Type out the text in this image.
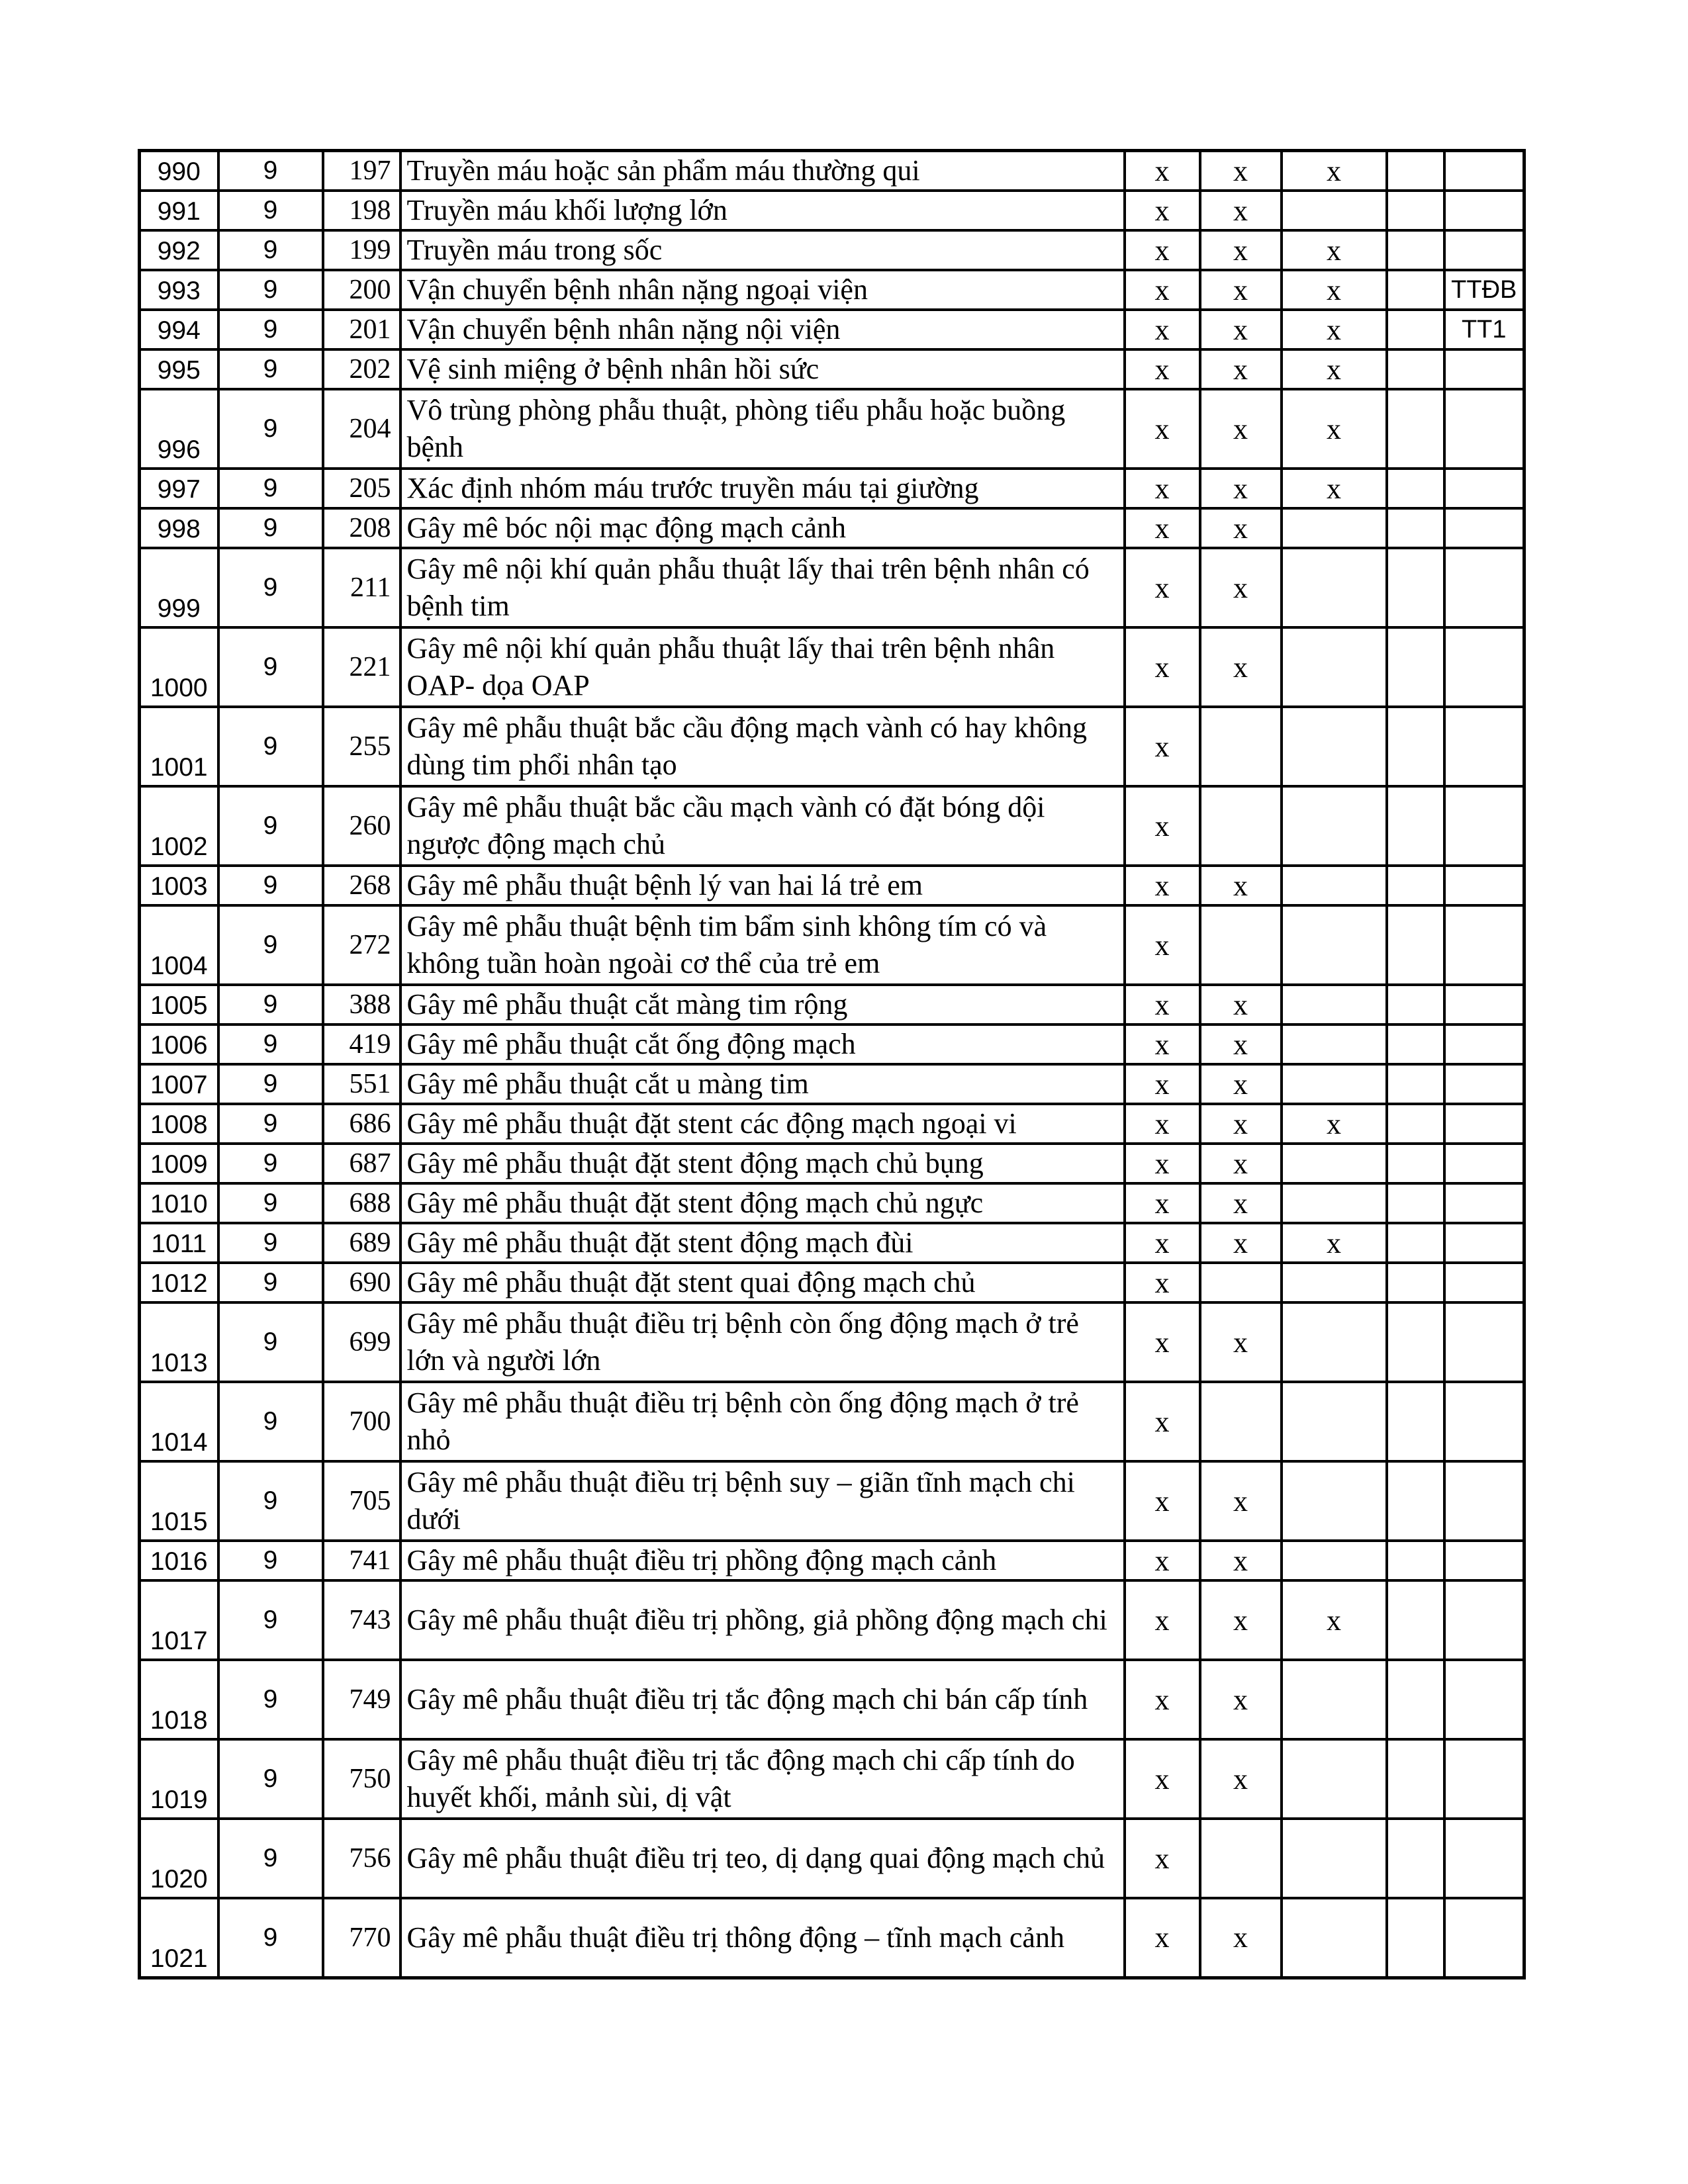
990	9	197	Truyền máu hoặc sản phẩm máu thường qui	x	x	x		
991	9	198	Truyền máu khối lượng lớn	x	x			
992	9	199	Truyền máu trong sốc	x	x	x		
993	9	200	Vận chuyển bệnh nhân nặng ngoại viện	x	x	x		TTĐB
994	9	201	Vận chuyển bệnh nhân nặng nội viện	x	x	x		TT1
995	9	202	Vệ sinh miệng ở bệnh nhân hồi sức	x	x	x		
996	9	204	Vô trùng phòng phẫu thuật, phòng tiểu phẫu hoặc buồng bệnh	x	x	x		
997	9	205	Xác định nhóm máu trước truyền máu tại giường	x	x	x		
998	9	208	Gây mê bóc nội mạc động mạch cảnh	x	x			
999	9	211	Gây mê nội khí quản phẫu thuật lấy thai trên bệnh nhân có bệnh tim	x	x			
1000	9	221	Gây mê nội khí quản phẫu thuật lấy thai trên bệnh nhân OAP- dọa OAP	x	x			
1001	9	255	Gây mê phẫu thuật bắc cầu động mạch vành có hay không dùng tim phổi nhân tạo	x				
1002	9	260	Gây mê phẫu thuật bắc cầu mạch vành có đặt bóng dội ngược động mạch chủ	x				
1003	9	268	Gây mê phẫu thuật bệnh lý van hai lá trẻ em	x	x			
1004	9	272	Gây mê phẫu thuật bệnh tim bẩm sinh không tím có và không tuần hoàn ngoài cơ thể của trẻ em	x				
1005	9	388	Gây mê phẫu thuật cắt màng tim rộng	x	x			
1006	9	419	Gây mê phẫu thuật cắt ống động mạch	x	x			
1007	9	551	Gây mê phẫu thuật cắt u màng tim	x	x			
1008	9	686	Gây mê phẫu thuật đặt stent các động mạch ngoại vi	x	x	x		
1009	9	687	Gây mê phẫu thuật đặt stent động mạch chủ bụng	x	x			
1010	9	688	Gây mê phẫu thuật đặt stent động mạch chủ ngực	x	x			
1011	9	689	Gây mê phẫu thuật đặt stent động mạch đùi	x	x	x		
1012	9	690	Gây mê phẫu thuật đặt stent quai động mạch chủ	x				
1013	9	699	Gây mê phẫu thuật điều trị bệnh còn ống động mạch ở trẻ lớn và người lớn	x	x			
1014	9	700	Gây mê phẫu thuật điều trị bệnh còn ống động mạch ở trẻ nhỏ	x				
1015	9	705	Gây mê phẫu thuật điều trị bệnh suy – giãn tĩnh mạch chi dưới	x	x			
1016	9	741	Gây mê phẫu thuật điều trị phồng động mạch cảnh	x	x			
1017	9	743	Gây mê phẫu thuật điều trị phồng, giả phồng động mạch chi	x	x	x		
1018	9	749	Gây mê phẫu thuật điều trị tắc động mạch chi bán cấp tính	x	x			
1019	9	750	Gây mê phẫu thuật điều trị tắc động mạch chi cấp tính do huyết khối, mảnh sùi, dị vật	x	x			
1020	9	756	Gây mê phẫu thuật điều trị teo, dị dạng quai động mạch chủ	x				
1021	9	770	Gây mê phẫu thuật điều trị thông động – tĩnh mạch cảnh	x	x			
